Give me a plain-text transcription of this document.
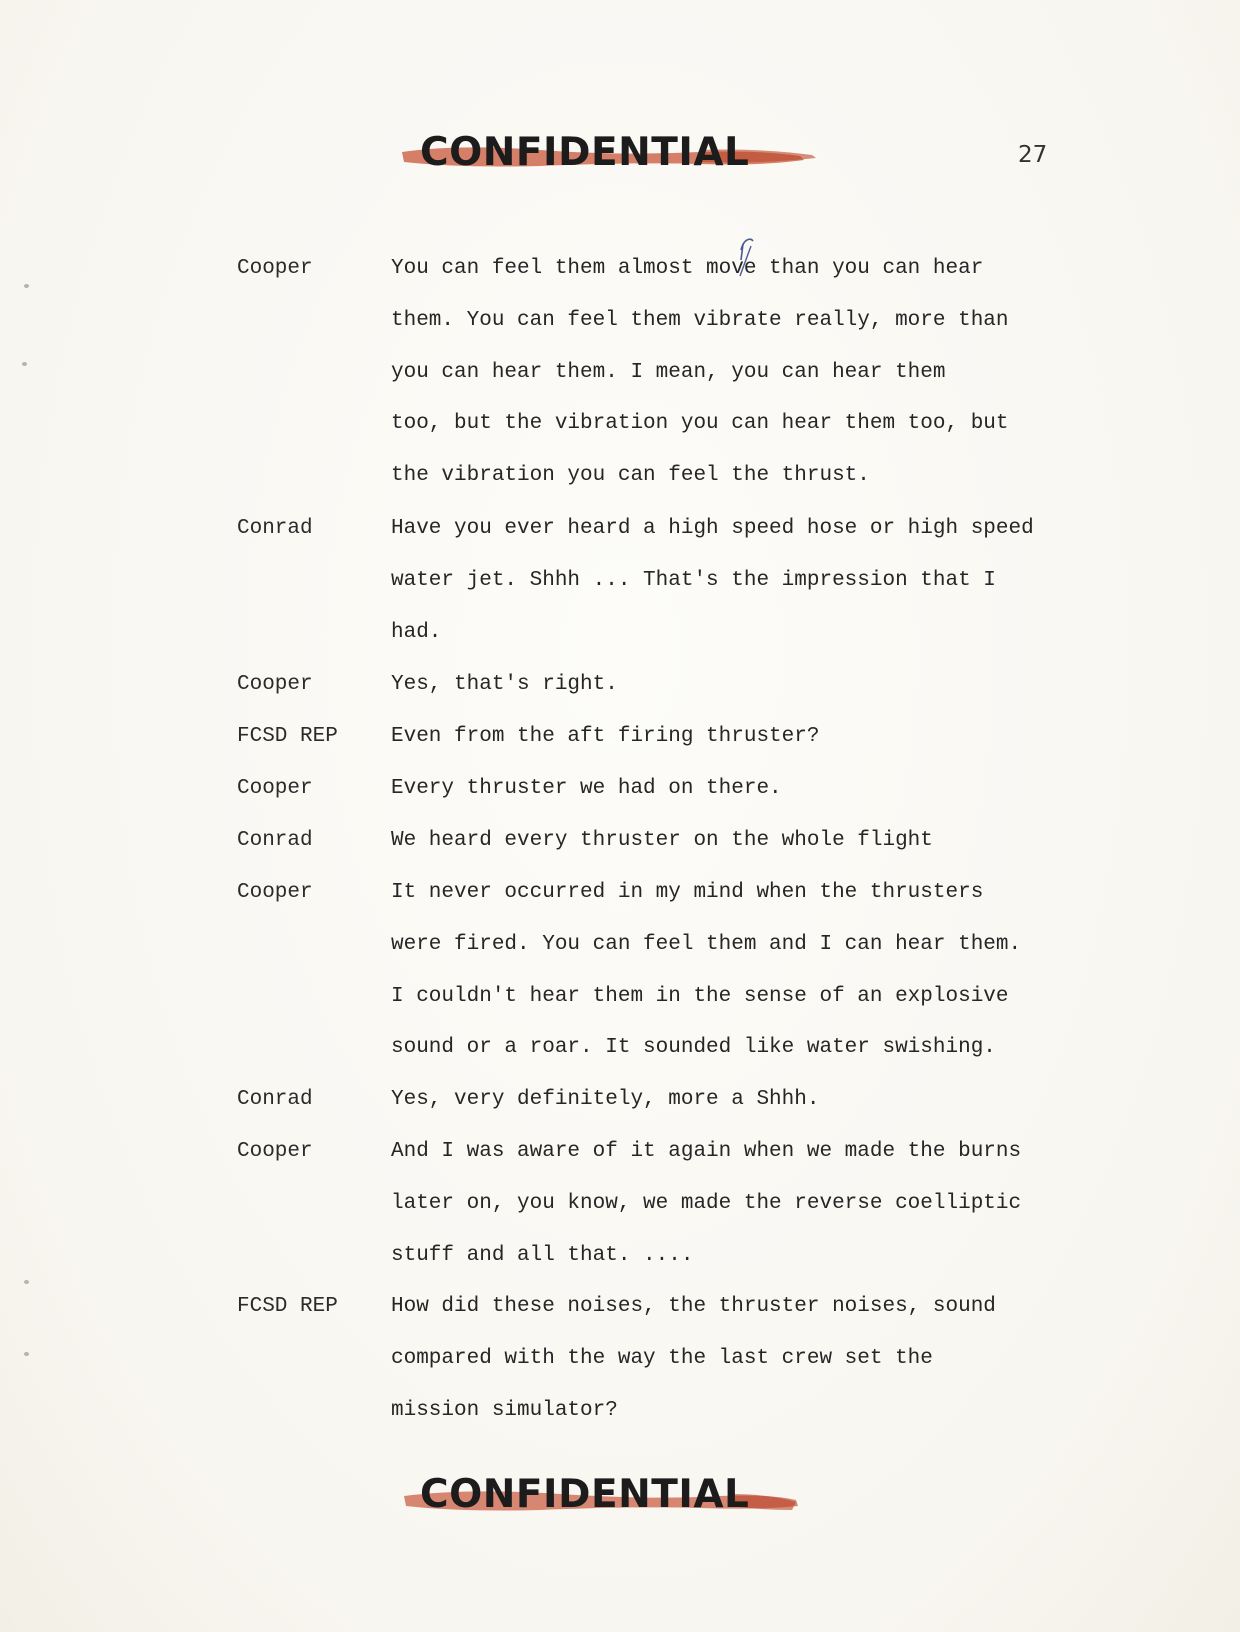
CONFIDENTIAL	27
Cooper	You can feel them almost move than you can hear
them. You can feel them vibrate really, more than
you can hear them. I mean, you can hear them
too, but the vibration you can hear them too, but
the vibration you can feel the thrust.
Conrad	Have you ever heard a high speed hose or high speed
water jet. Shhh ... That's the impression that I
had.
Cooper	Yes, that's right.
FCSD REP	Even from the aft firing thruster?
Cooper	Every thruster we had on there.
Conrad	We heard every thruster on the whole flight
Cooper	It never occurred in my mind when the thrusters
were fired. You can feel them and I can hear them.
I couldn't hear them in the sense of an explosive
sound or a roar. It sounded like water swishing.
Conrad	Yes, very definitely, more a Shhh.
Cooper	And I was aware of it again when we made the burns
later on, you know, we made the reverse coelliptic
stuff and all that. ....
FCSD REP	How did these noises, the thruster noises, sound
compared with the way the last crew set the
mission simulator?
CONFIDENTIAL
